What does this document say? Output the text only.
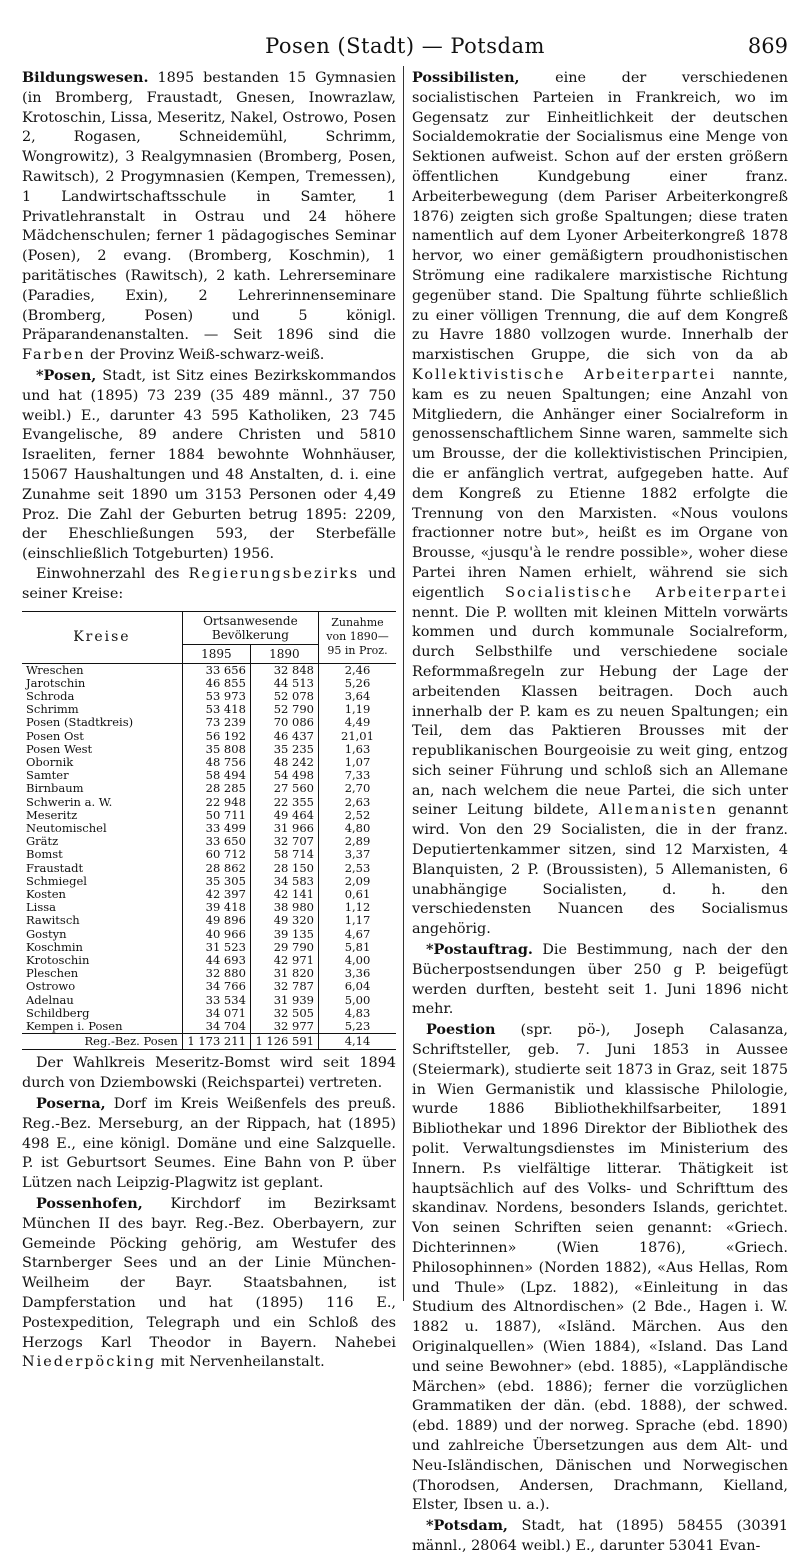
Posen (Stadt) — Potsdam	869

Bildungswesen. 1895 bestanden 15 Gymnasien (in Bromberg, Fraustadt, Gnesen, Inowrazlaw, Krotoschin, Lissa, Meseritz, Nakel, Ostrowo, Posen 2, Rogasen, Schneidemühl, Schrimm, Wongrowitz), 3 Realgymnasien (Bromberg, Posen, Rawitsch), 2 Progymnasien (Kempen, Tremessen), 1 Landwirtschaftsschule in Samter, 1 Privatlehranstalt in Ostrau und 24 höhere Mädchenschulen; ferner 1 pädagogisches Seminar (Posen), 2 evang. (Bromberg, Koschmin), 1 paritätisches (Rawitsch), 2 kath. Lehrerseminare (Paradies, Exin), 2 Lehrerinnenseminare (Bromberg, Posen) und 5 königl. Präparandenanstalten. — Seit 1896 sind die Farben der Provinz Weiß-schwarz-weiß.

*Posen, Stadt, ist Sitz eines Bezirkskommandos und hat (1895) 73 239 (35 489 männl., 37 750 weibl.) E., darunter 43 595 Katholiken, 23 745 Evangelische, 89 andere Christen und 5810 Israeliten, ferner 1884 bewohnte Wohnhäuser, 15067 Haushaltungen und 48 Anstalten, d. i. eine Zunahme seit 1890 um 3153 Personen oder 4,49 Proz. Die Zahl der Geburten betrug 1895: 2209, der Eheschließungen 593, der Sterbefälle (einschließlich Totgeburten) 1956.

Einwohnerzahl des Regierungsbezirks und seiner Kreise:

Kreise	Ortsanwesende Bevölkerung		Zunahme von 1890—95 in Proz.
	1895	1890	
Wreschen	33 656	32 848	2,46
Jarotschin	46 855	44 513	5,26
Schroda	53 973	52 078	3,64
Schrimm	53 418	52 790	1,19
Posen (Stadtkreis)	73 239	70 086	4,49
Posen Ost	56 192	46 437	21,01
Posen West	35 808	35 235	1,63
Obornik	48 756	48 242	1,07
Samter	58 494	54 498	7,33
Birnbaum	28 285	27 560	2,70
Schwerin a. W.	22 948	22 355	2,63
Meseritz	50 711	49 464	2,52
Neutomischel	33 499	31 966	4,80
Grätz	33 650	32 707	2,89
Bomst	60 712	58 714	3,37
Fraustadt	28 862	28 150	2,53
Schmiegel	35 305	34 583	2,09
Kosten	42 397	42 141	0,61
Lissa	39 418	38 980	1,12
Rawitsch	49 896	49 320	1,17
Gostyn	40 966	39 135	4,67
Koschmin	31 523	29 790	5,81
Krotoschin	44 693	42 971	4,00
Pleschen	32 880	31 820	3,36
Ostrowo	34 766	32 787	6,04
Adelnau	33 534	31 939	5,00
Schildberg	34 071	32 505	4,83
Kempen i. Posen	34 704	32 977	5,23
Reg.-Bez. Posen	1 173 211	1 126 591	4,14

Der Wahlkreis Meseritz-Bomst wird seit 1894 durch von Dziembowski (Reichspartei) vertreten.

Poserna, Dorf im Kreis Weißenfels des preuß. Reg.-Bez. Merseburg, an der Rippach, hat (1895) 498 E., eine königl. Domäne und eine Salzquelle. P. ist Geburtsort Seumes. Eine Bahn von P. über Lützen nach Leipzig-Plagwitz ist geplant.

Possenhofen, Kirchdorf im Bezirksamt München II des bayr. Reg.-Bez. Oberbayern, zur Gemeinde Pöcking gehörig, am Westufer des Starnberger Sees und an der Linie München-Weilheim der Bayr. Staatsbahnen, ist Dampferstation und hat (1895) 116 E., Postexpedition, Telegraph und ein Schloß des Herzogs Karl Theodor in Bayern. Nahebei Niederpöcking mit Nervenheilanstalt.

Possibilisten, eine der verschiedenen socialistischen Parteien in Frankreich, wo im Gegensatz zur Einheitlichkeit der deutschen Socialdemokratie der Socialismus eine Menge von Sektionen aufweist. Schon auf der ersten größern öffentlichen Kundgebung einer franz. Arbeiterbewegung (dem Pariser Arbeiterkongreß 1876) zeigten sich große Spaltungen; diese traten namentlich auf dem Lyoner Arbeiterkongreß 1878 hervor, wo einer gemäßigtern proudhonistischen Strömung eine radikalere marxistische Richtung gegenüber stand. Die Spaltung führte schließlich zu einer völligen Trennung, die auf dem Kongreß zu Havre 1880 vollzogen wurde. Innerhalb der marxistischen Gruppe, die sich von da ab Kollektivistische Arbeiterpartei nannte, kam es zu neuen Spaltungen; eine Anzahl von Mitgliedern, die Anhänger einer Socialreform in genossenschaftlichem Sinne waren, sammelte sich um Brousse, der die kollektivistischen Principien, die er anfänglich vertrat, aufgegeben hatte. Auf dem Kongreß zu Etienne 1882 erfolgte die Trennung von den Marxisten. «Nous voulons fractionner notre but», heißt es im Organe von Brousse, «jusqu'à le rendre possible», woher diese Partei ihren Namen erhielt, während sie sich eigentlich Socialistische Arbeiterpartei nennt. Die P. wollten mit kleinen Mitteln vorwärts kommen und durch kommunale Socialreform, durch Selbsthilfe und verschiedene sociale Reformmaßregeln zur Hebung der Lage der arbeitenden Klassen beitragen. Doch auch innerhalb der P. kam es zu neuen Spaltungen; ein Teil, dem das Paktieren Brousses mit der republikanischen Bourgeoisie zu weit ging, entzog sich seiner Führung und schloß sich an Allemane an, nach welchem die neue Partei, die sich unter seiner Leitung bildete, Allemanisten genannt wird. Von den 29 Socialisten, die in der franz. Deputiertenkammer sitzen, sind 12 Marxisten, 4 Blanquisten, 2 P. (Broussisten), 5 Allemanisten, 6 unabhängige Socialisten, d. h. den verschiedensten Nuancen des Socialismus angehörig.

*Postauftrag. Die Bestimmung, nach der den Bücherpostsendungen über 250 g P. beigefügt werden durften, besteht seit 1. Juni 1896 nicht mehr.

Poestion (spr. pö-), Joseph Calasanza, Schriftsteller, geb. 7. Juni 1853 in Aussee (Steiermark), studierte seit 1873 in Graz, seit 1875 in Wien Germanistik und klassische Philologie, wurde 1886 Bibliothekhilfsarbeiter, 1891 Bibliothekar und 1896 Direktor der Bibliothek des polit. Verwaltungsdienstes im Ministerium des Innern. P.s vielfältige litterar. Thätigkeit ist hauptsächlich auf des Volks- und Schrifttum des skandinav. Nordens, besonders Islands, gerichtet. Von seinen Schriften seien genannt: «Griech. Dichterinnen» (Wien 1876), «Griech. Philosophinnen» (Norden 1882), «Aus Hellas, Rom und Thule» (Lpz. 1882), «Einleitung in das Studium des Altnordischen» (2 Bde., Hagen i. W. 1882 u. 1887), «Isländ. Märchen. Aus den Originalquellen» (Wien 1884), «Island. Das Land und seine Bewohner» (ebd. 1885), «Lappländische Märchen» (ebd. 1886); ferner die vorzüglichen Grammatiken der dän. (ebd. 1888), der schwed. (ebd. 1889) und der norweg. Sprache (ebd. 1890) und zahlreiche Übersetzungen aus dem Alt- und Neu-Isländischen, Dänischen und Norwegischen (Thorodsen, Andersen, Drachmann, Kielland, Elster, Ibsen u. a.).

*Potsdam, Stadt, hat (1895) 58455 (30391 männl., 28064 weibl.) E., darunter 53041 Evan-
